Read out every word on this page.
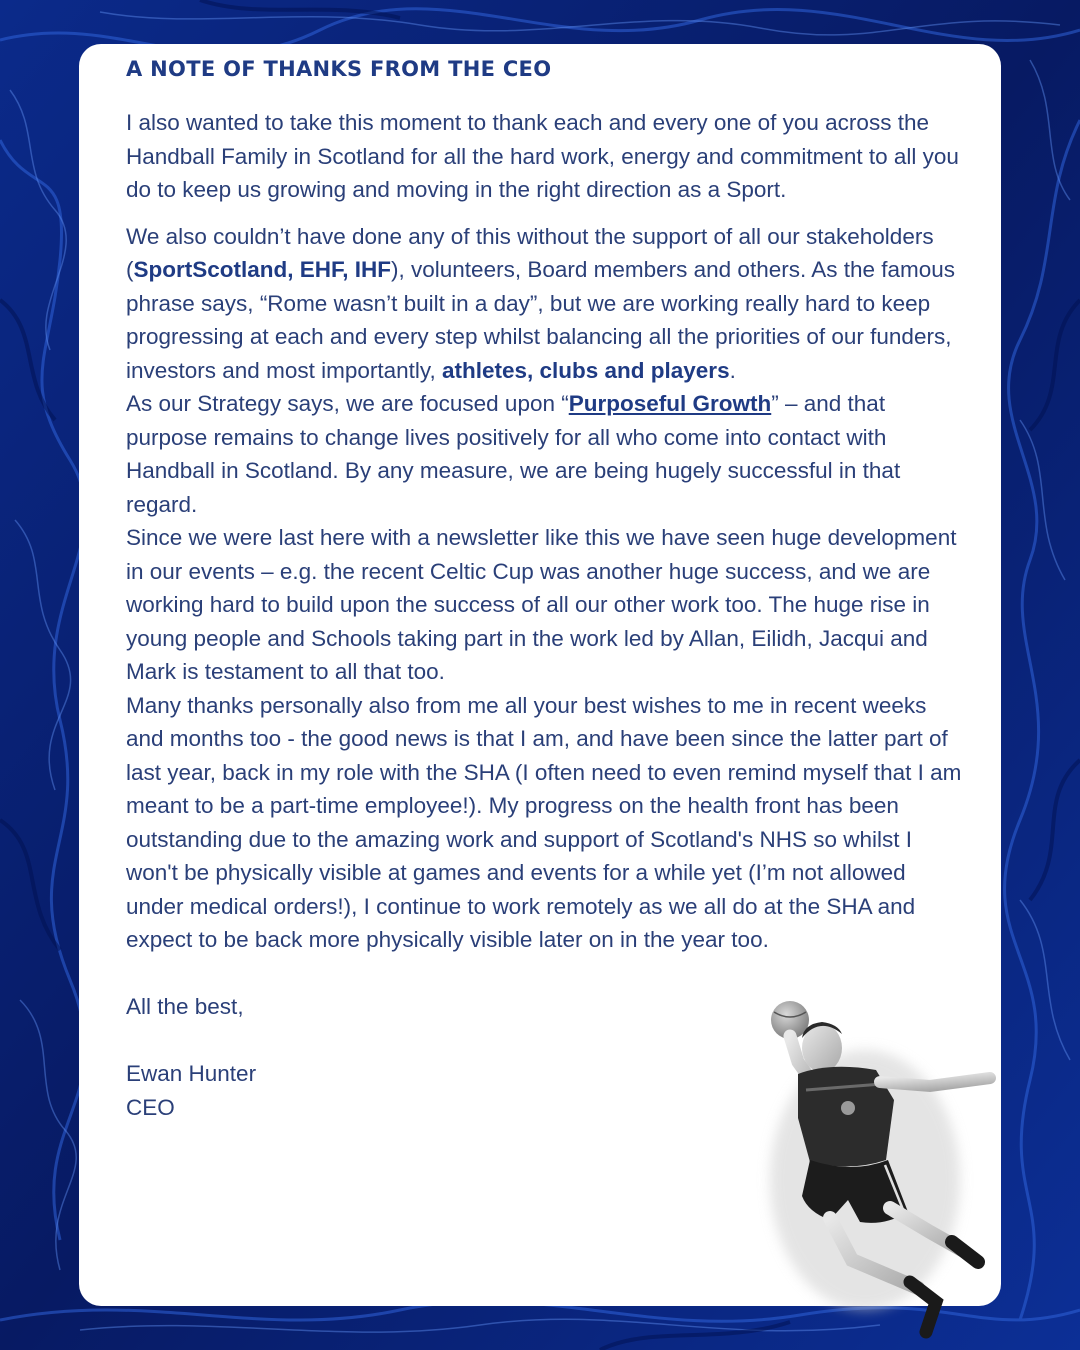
A NOTE OF THANKS FROM THE CEO

I also wanted to take this moment to thank each and every one of you across the Handball Family in Scotland for all the hard work, energy and commitment to all you do to keep us growing and moving in the right direction as a Sport.

We also couldn’t have done any of this without the support of all our stakeholders (SportScotland, EHF, IHF), volunteers, Board members and others. As the famous phrase says, “Rome wasn’t built in a day”, but we are working really hard to keep progressing at each and every step whilst balancing all the priorities of our funders, investors and most importantly, athletes, clubs and players.

As our Strategy says, we are focused upon “Purposeful Growth” – and that purpose remains to change lives positively for all who come into contact with Handball in Scotland. By any measure, we are being hugely successful in that regard.

Since we were last here with a newsletter like this we have seen huge development in our events – e.g. the recent Celtic Cup was another huge success, and we are working hard to build upon the success of all our other work too. The huge rise in young people and Schools taking part in the work led by Allan, Eilidh, Jacqui and Mark is testament to all that too.

Many thanks personally also from me all your best wishes to me in recent weeks and months too - the good news is that I am, and have been since the latter part of last year, back in my role with the SHA (I often need to even remind myself that I am meant to be a part-time employee!). My progress on the health front has been outstanding due to the amazing work and support of Scotland's NHS so whilst I won't be physically visible at games and events for a while yet (I’m not allowed under medical orders!), I continue to work remotely as we all do at the SHA and expect to be back more physically visible later on in the year too.

All the best,

Ewan Hunter

CEO
